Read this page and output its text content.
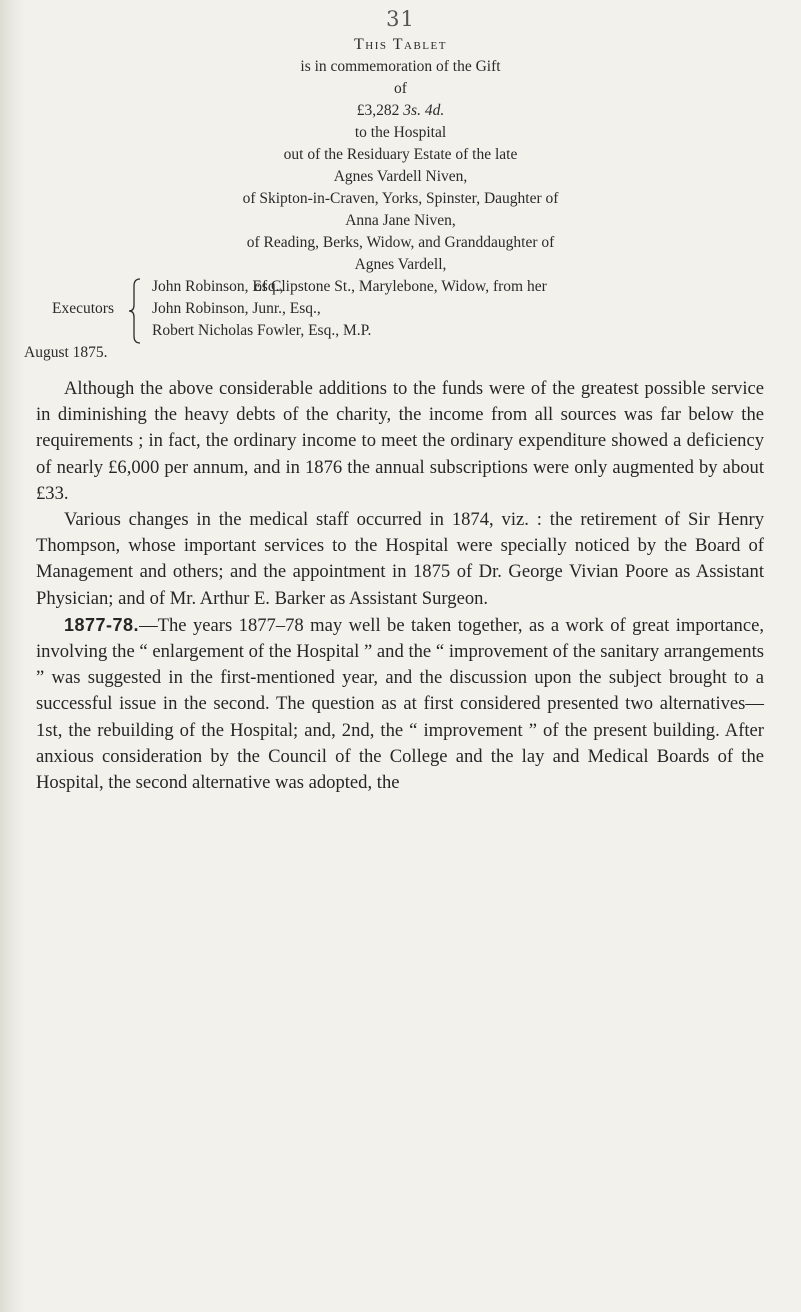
31
This Tablet
is in commemoration of the Gift
of
£3,282 3s. 4d.
to the Hospital
out of the Residuary Estate of the late
Agnes Vardell Niven,
of Skipton-in-Craven, Yorks, Spinster, Daughter of
Anna Jane Niven,
of Reading, Berks, Widow, and Granddaughter of
Agnes Vardell,
of Clipstone St., Marylebone, Widow, from her
Executors
John Robinson, Esq.,
John Robinson, Junr., Esq.,
Robert Nicholas Fowler, Esq., M.P.
August 1875.

Although the above considerable additions to the funds were of the greatest possible service in diminishing the heavy debts of the charity, the income from all sources was far below the requirements ; in fact, the ordinary income to meet the ordinary expenditure showed a deficiency of nearly £6,000 per annum, and in 1876 the annual subscriptions were only augmented by about £33.

Various changes in the medical staff occurred in 1874, viz. : the retirement of Sir Henry Thompson, whose important services to the Hospital were specially noticed by the Board of Management and others; and the appointment in 1875 of Dr. George Vivian Poore as Assistant Physician; and of Mr. Arthur E. Barker as Assistant Surgeon.

1877-78.—The years 1877–78 may well be taken together, as a work of great importance, involving the “ enlargement of the Hospital ” and the “ improvement of the sanitary arrangements ” was suggested in the first-mentioned year, and the discussion upon the subject brought to a successful issue in the second. The question as at first considered presented two alternatives—1st, the rebuilding of the Hospital; and, 2nd, the “ improvement ” of the present building. After anxious consideration by the Council of the College and the lay and Medical Boards of the Hospital, the second alternative was adopted, the
